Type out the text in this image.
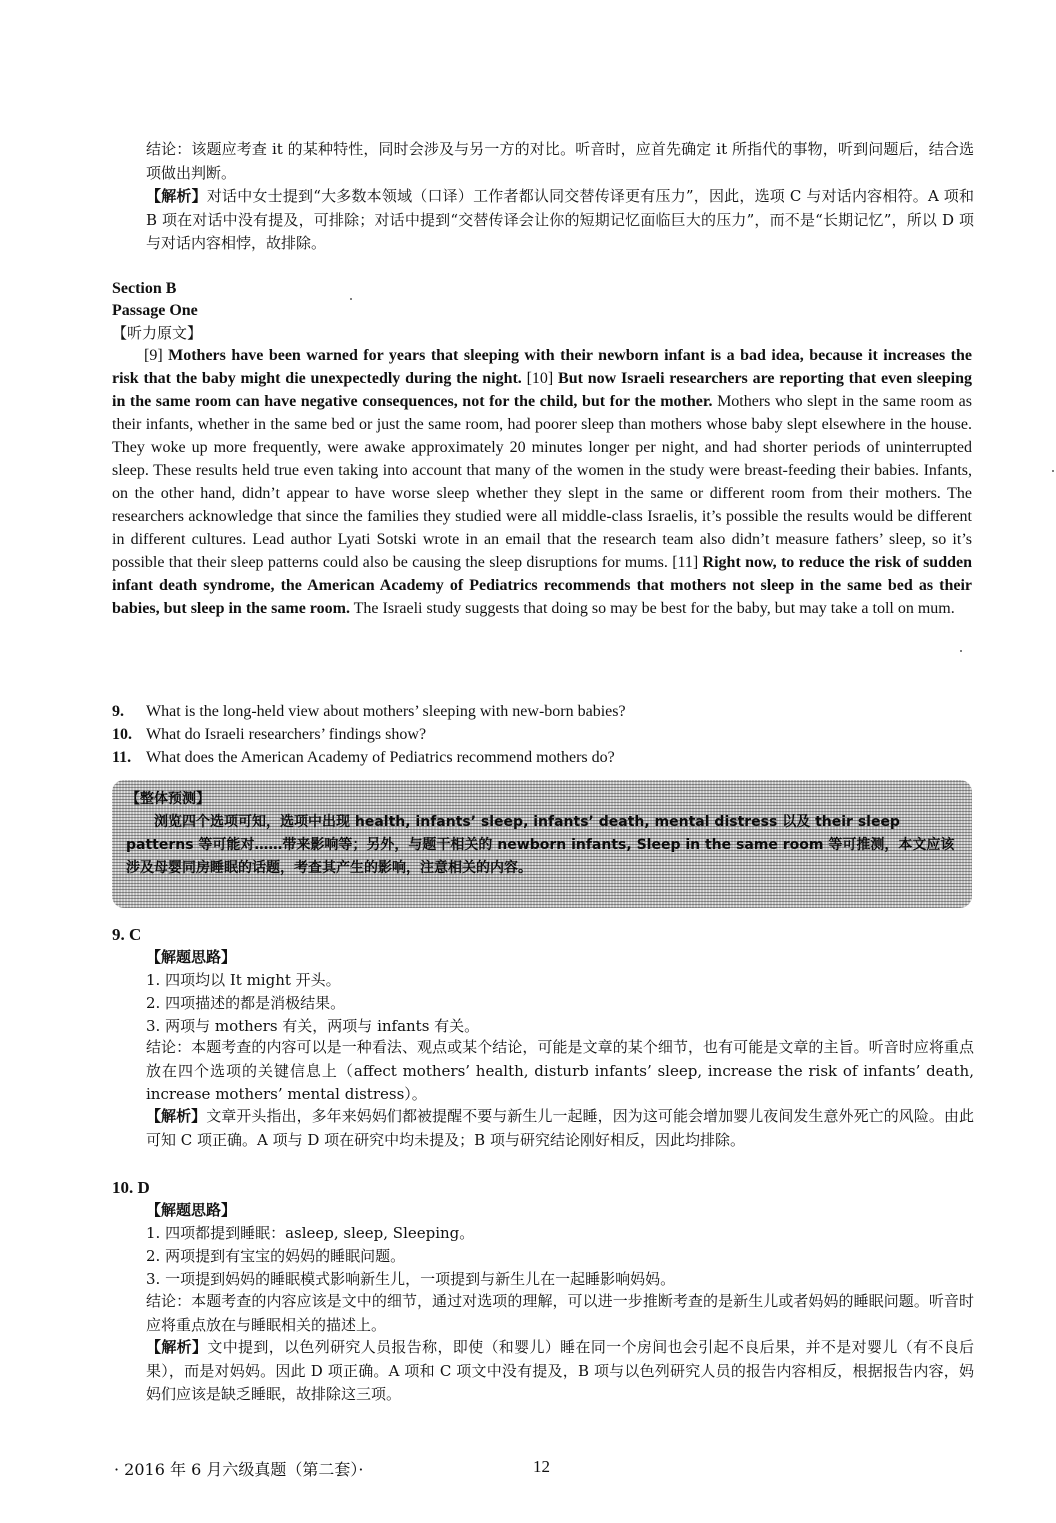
结论：该题应考查 it 的某种特性，同时会涉及与另一方的对比。听音时，应首先确定 it 所指代的事物，听到问题后，结合选项做出判断。
【解析】对话中女士提到“大多数本领域（口译）工作者都认同交替传译更有压力”，因此，选项 C 与对话内容相符。A 项和 B 项在对话中没有提及，可排除；对话中提到“交替传译会让你的短期记忆面临巨大的压力”，而不是“长期记忆”，所以 D 项与对话内容相悖，故排除。
Section B
Passage One
【听力原文】
[9] Mothers have been warned for years that sleeping with their newborn infant is a bad idea, because it increases the risk that the baby might die unexpectedly during the night. [10] But now Israeli researchers are reporting that even sleeping in the same room can have negative consequences, not for the child, but for the mother. Mothers who slept in the same room as their infants, whether in the same bed or just the same room, had poorer sleep than mothers whose baby slept elsewhere in the house. They woke up more frequently, were awake approximately 20 minutes longer per night, and had shorter periods of uninterrupted sleep. These results held true even taking into account that many of the women in the study were breast-feeding their babies. Infants, on the other hand, didn’t appear to have worse sleep whether they slept in the same or different room from their mothers. The researchers acknowledge that since the families they studied were all middle-class Israelis, it’s possible the results would be different in different cultures. Lead author Lyati Sotski wrote in an email that the research team also didn’t measure fathers’ sleep, so it’s possible that their sleep patterns could also be causing the sleep disruptions for mums. [11] Right now, to reduce the risk of sudden infant death syndrome, the American Academy of Pediatrics recommends that mothers not sleep in the same bed as their babies, but sleep in the same room. The Israeli study suggests that doing so may be best for the baby, but may take a toll on mum.
9.	What is the long-held view about mothers’ sleeping with new-born babies?
10. What do Israeli researchers’ findings show?
11. What does the American Academy of Pediatrics recommend mothers do?
【整体预测】
浏览四个选项可知，选项中出现 health, infants’ sleep, infants’ death, mental distress 以及 their sleep patterns 等可能对……带来影响等；另外，与题干相关的 newborn infants, Sleep in the same room 等可推测，本文应该涉及母婴同房睡眠的话题，考查其产生的影响，注意相关的内容。
9. C
【解题思路】
1. 四项均以 It might 开头。
2. 四项描述的都是消极结果。
3. 两项与 mothers 有关，两项与 infants 有关。
结论：本题考查的内容可以是一种看法、观点或某个结论，可能是文章的某个细节，也有可能是文章的主旨。听音时应将重点放在四个选项的关键信息上（affect mothers’ health, disturb infants’ sleep, increase the risk of infants’ death, increase mothers’ mental distress）。
【解析】文章开头指出，多年来妈妈们都被提醒不要与新生儿一起睡，因为这可能会增加婴儿夜间发生意外死亡的风险。由此可知 C 项正确。A 项与 D 项在研究中均未提及；B 项与研究结论刚好相反，因此均排除。
10. D
【解题思路】
1. 四项都提到睡眠：asleep, sleep, Sleeping。
2. 两项提到有宝宝的妈妈的睡眠问题。
3. 一项提到妈妈的睡眠模式影响新生儿，一项提到与新生儿在一起睡影响妈妈。
结论：本题考查的内容应该是文中的细节，通过对选项的理解，可以进一步推断考查的是新生儿或者妈妈的睡眠问题。听音时应将重点放在与睡眠相关的描述上。
【解析】文中提到，以色列研究人员报告称，即使（和婴儿）睡在同一个房间也会引起不良后果，并不是对婴儿（有不良后果），而是对妈妈。因此 D 项正确。A 项和 C 项文中没有提及，B 项与以色列研究人员的报告内容相反，根据报告内容，妈妈们应该是缺乏睡眠，故排除这三项。
· 2016 年 6 月六级真题（第二套）·	12
